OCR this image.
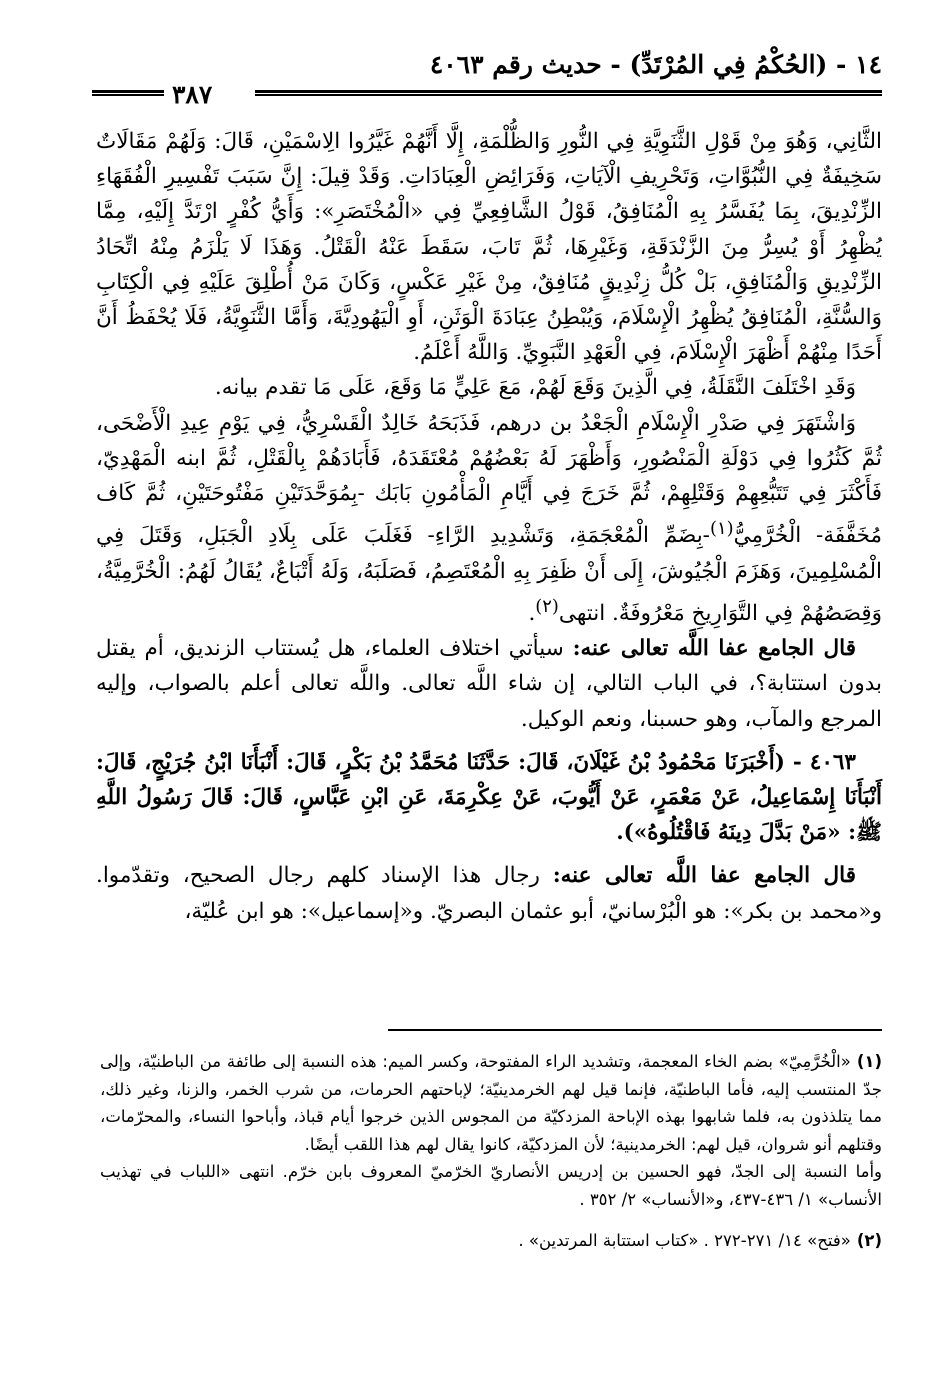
١٤ - (الحُكْمُ فِي المُرْتَدِّ) - حديث رقم ٤٠٦٣
٣٨٧

الثَّانِي، وَهُوَ مِنْ قَوْلِ الثَّنَوِيَّةِ فِي النُّورِ وَالظُّلْمَةِ، إِلَّا أَنَّهُمْ غَيَّرُوا الِاسْمَيْنِ، قَالَ: وَلَهُمْ مَقَالَاتٌ سَخِيفَةٌ فِي النُّبُوَّاتِ، وَتَحْرِيفِ الْآيَاتِ، وَفَرَائِضِ الْعِبَادَاتِ. وَقَدْ قِيلَ: إِنَّ سَبَبَ تَفْسِيرِ الْفُقَهَاءِ الزِّنْدِيقَ، بِمَا يُفَسَّرُ بِهِ الْمُنَافِقُ، قَوْلُ الشَّافِعِيِّ فِي «الْمُخْتَصَرِ»: وَأَيُّ كُفْرٍ ارْتَدَّ إِلَيْهِ، مِمَّا يُظْهِرُ أَوْ يُسِرُّ مِنَ الزَّنْدَقَةِ، وَغَيْرِهَا، ثُمَّ تَابَ، سَقَطَ عَنْهُ الْقَتْلُ. وَهَذَا لَا يَلْزَمُ مِنْهُ اتِّحَادُ الزِّنْدِيقِ وَالْمُنَافِقِ، بَلْ كُلُّ زِنْدِيقٍ مُنَافِقٌ، مِنْ غَيْرِ عَكْسٍ، وَكَانَ مَنْ أُطْلِقَ عَلَيْهِ فِي الْكِتَابِ وَالسُّنَّةِ، الْمُنَافِقُ يُظْهِرُ الْإِسْلَامَ، وَيُبْطِنُ عِبَادَةَ الْوَثَنِ، أَوِ الْيَهُودِيَّةَ، وَأَمَّا الثَّنَوِيَّةُ، فَلَا يُحْفَظُ أَنَّ أَحَدًا مِنْهُمْ أَظْهَرَ الْإِسْلَامَ، فِي الْعَهْدِ النَّبَوِيِّ. وَاللَّهُ أَعْلَمُ.

وَقَدِ اخْتَلَفَ النَّقَلَةُ، فِي الَّذِينَ وَقَعَ لَهُمْ، مَعَ عَلِيٍّ مَا وَقَعَ، عَلَى مَا تقدم بيانه.

وَاشْتَهَرَ فِي صَدْرِ الْإِسْلَامِ الْجَعْدُ بن درهم، فَذَبَحَهُ خَالِدٌ الْقَسْرِيُّ، فِي يَوْمِ عِيدِ الْأَضْحَى، ثُمَّ كَثُرُوا فِي دَوْلَةِ الْمَنْصُورِ، وَأَظْهَرَ لَهُ بَعْضُهُمْ مُعْتَقَدَهُ، فَأَبَادَهُمْ بِالْقَتْلِ، ثُمَّ ابنه الْمَهْدِيّ، فَأَكْثَرَ فِي تَتَبُّعِهِمْ وَقَتْلِهِمْ، ثُمَّ خَرَجَ فِي أَيَّامِ الْمَأْمُونِ بَابَك -بِمُوَحَّدَتَيْنِ مَفْتُوحَتَيْنِ، ثُمَّ كَاف مُخَفَّفَة- الْخُرَّمِيُّ$^{(١)}$-بِضَمِّ الْمُعْجَمَةِ، وَتَشْدِيدِ الرَّاءِ- فَغَلَبَ عَلَى بِلَادِ الْجَبَلِ، وَقَتَلَ فِي الْمُسْلِمِينَ، وَهَزَمَ الْجُيُوشَ، إِلَى أَنْ ظَفِرَ بِهِ الْمُعْتَصِمُ، فَصَلَبَهُ، وَلَهُ أَتْبَاعٌ، يُقَالُ لَهُمُ: الْخُرَّمِيَّةُ، وَقِصَصُهُمْ فِي التَّوَارِيخِ مَعْرُوفَةٌ. انتهى$^{(٢)}$.

قال الجامع عفا اللَّه تعالى عنه: سيأتي اختلاف العلماء، هل يُستتاب الزنديق، أم يقتل بدون استتابة؟، في الباب التالي، إن شاء اللَّه تعالى. واللَّه تعالى أعلم بالصواب، وإليه المرجع والمآب، وهو حسبنا، ونعم الوكيل.

٤٠٦٣ - (أَخْبَرَنَا مَحْمُودُ بْنُ غَيْلَانَ، قَالَ: حَدَّثَنَا مُحَمَّدُ بْنُ بَكْرٍ، قَالَ: أَنْبَأَنَا ابْنُ جُرَيْجٍ، قَالَ: أَنْبَأَنَا إِسْمَاعِيلُ، عَنْ مَعْمَرٍ، عَنْ أَيُّوبَ، عَنْ عِكْرِمَةَ، عَنِ ابْنِ عَبَّاسٍ، قَالَ: قَالَ رَسُولُ اللَّهِ ﷺ: «مَنْ بَدَّلَ دِينَهُ فَاقْتُلُوهُ»).

قال الجامع عفا اللَّه تعالى عنه: رجال هذا الإسناد كلهم رجال الصحيح، وتقدّموا. و«محمد بن بكر»: هو الْبُرْسانيّ، أبو عثمان البصريّ. و«إسماعيل»: هو ابن عُليّة،

(١)«الْخُرَّمِيّ» بضم الخاء المعجمة، وتشديد الراء المفتوحة، وكسر الميم: هذه النسبة إلى طائفة من الباطنيّة، وإلى جدّ المنتسب إليه، فأما الباطنيّة، فإنما قيل لهم الخرمدينيّة؛ لإباحتهم الحرمات، من شرب الخمر، والزنا، وغير ذلك، مما يتلذذون به، فلما شابهوا بهذه الإباحة المزدكيّة من المجوس الذين خرجوا أيام قباذ، وأباحوا النساء، والمحرّمات، وقتلهم أنو شروان، قيل لهم: الخرمدينية؛ لأن المزدكيّة، كانوا يقال لهم هذا اللقب أيضًا.

وأما النسبة إلى الجدّ، فهو الحسين بن إدريس الأنصاريّ الخرّميّ المعروف بابن خرّم. انتهى «اللباب في تهذيب الأنساب» ١/ ٤٣٦-٤٣٧، و«الأنساب» ٢/ ٣٥٢ .

(٢)«فتح» ١٤/ ٢٧١-٢٧٢ . «كتاب استتابة المرتدين» .
